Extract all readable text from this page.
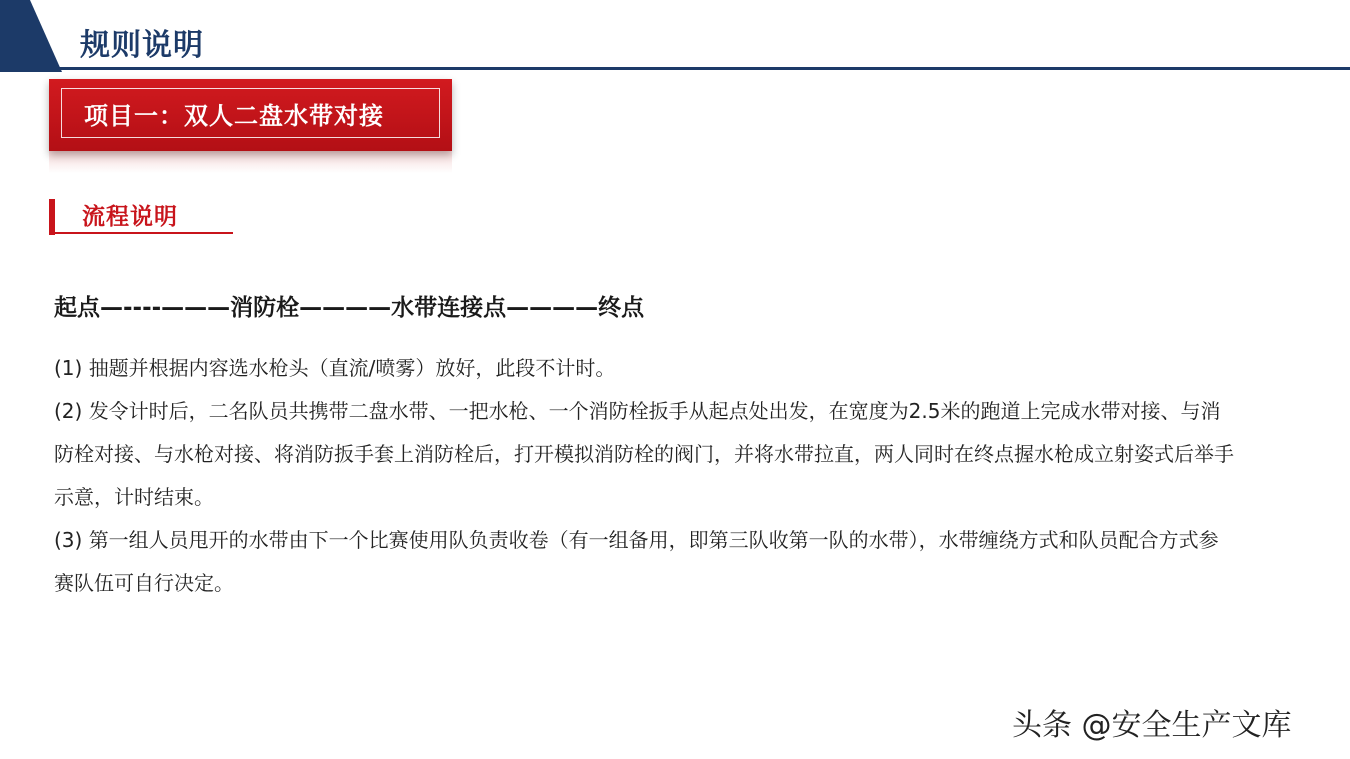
规则说明
项目一：双人二盘水带对接
流程说明
起点—----———消防栓————水带连接点————终点

(1) 抽题并根据内容选水枪头（直流/喷雾）放好，此段不计时。

(2) 发令计时后，二名队员共携带二盘水带、一把水枪、一个消防栓扳手从起点处出发，在宽度为2.5米的跑道上完成水带对接、与消防栓对接、与水枪对接、将消防扳手套上消防栓后，打开模拟消防栓的阀门，并将水带拉直，两人同时在终点握水枪成立射姿式后举手示意，计时结束。

(3) 第一组人员甩开的水带由下一个比赛使用队负责收卷（有一组备用，即第三队收第一队的水带），水带缠绕方式和队员配合方式参赛队伍可自行决定。

头条 @安全生产文库
